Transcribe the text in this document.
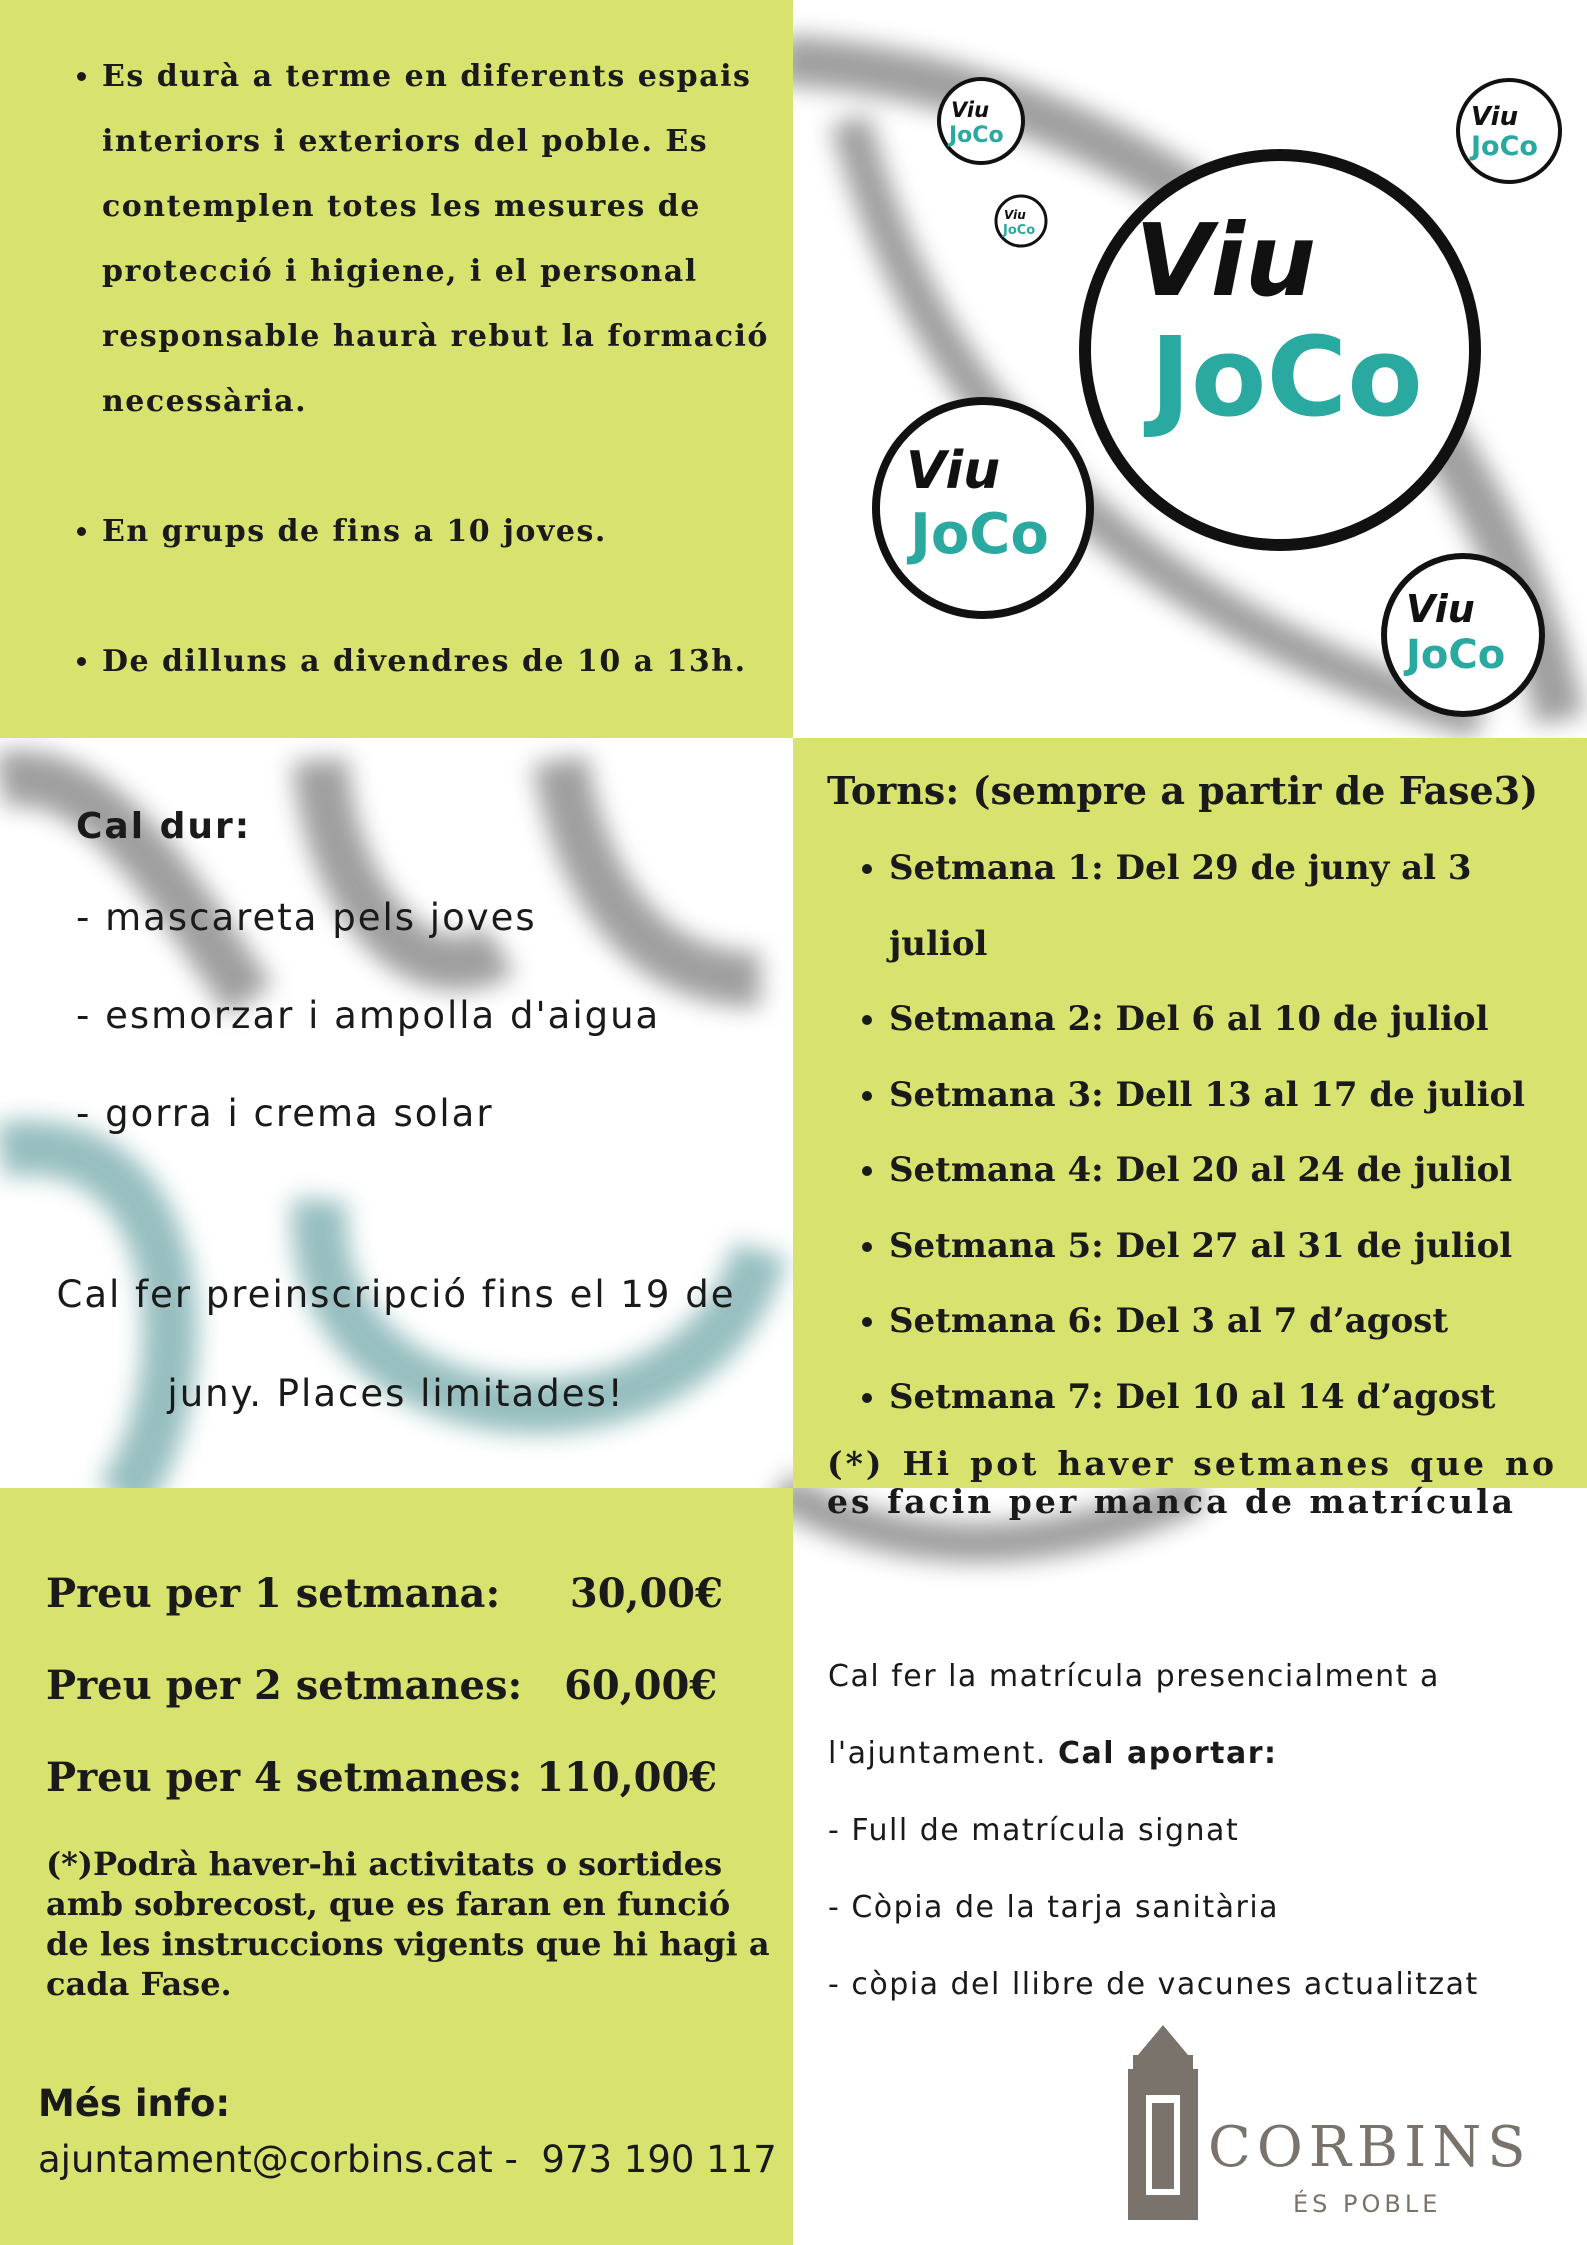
• Es durà a terme en diferents espais interiors i exteriors del poble. Es contemplen totes les mesures de protecció i higiene, i el personal responsable haurà rebut la formació necessària.
• En grups de fins a 10 joves.
• De dilluns a divendres de 10 a 13h.
Viu
JoCo
Viu
JoCo
Viu
JoCo
Viu
JoCo
Viu
JoCo
Viu
JoCo
Cal dur:
- mascareta pels joves
- esmorzar i ampolla d'aigua
- gorra i crema solar
Cal fer preinscripció fins el 19 de juny. Places limitades!
Torns: (sempre a partir de Fase3)
• Setmana 1: Del 29 de juny al 3 juliol
• Setmana 2: Del 6 al 10 de juliol
• Setmana 3: Dell 13 al 17 de juliol
• Setmana 4: Del 20 al 24 de juliol
• Setmana 5: Del 27 al 31 de juliol
• Setmana 6: Del 3 al 7 d’agost
• Setmana 7: Del 10 al 14 d’agost
(*) Hi pot haver setmanes que no
es facin per manca de matrícula
Preu per 1 setmana:     30,00€
Preu per 2 setmanes:   60,00€
Preu per 4 setmanes: 110,00€
(*)Podrà haver-hi activitats o sortides amb sobrecost, que es faran en funció de les instruccions vigents que hi hagi a cada Fase.
Més info:
ajuntament@corbins.cat -  973 190 117
Cal fer la matrícula presencialment a
l'ajuntament. Cal aportar:
- Full de matrícula signat
- Còpia de la tarja sanitària
- còpia del llibre de vacunes actualitzat
CORBINS
ÉS POBLE
